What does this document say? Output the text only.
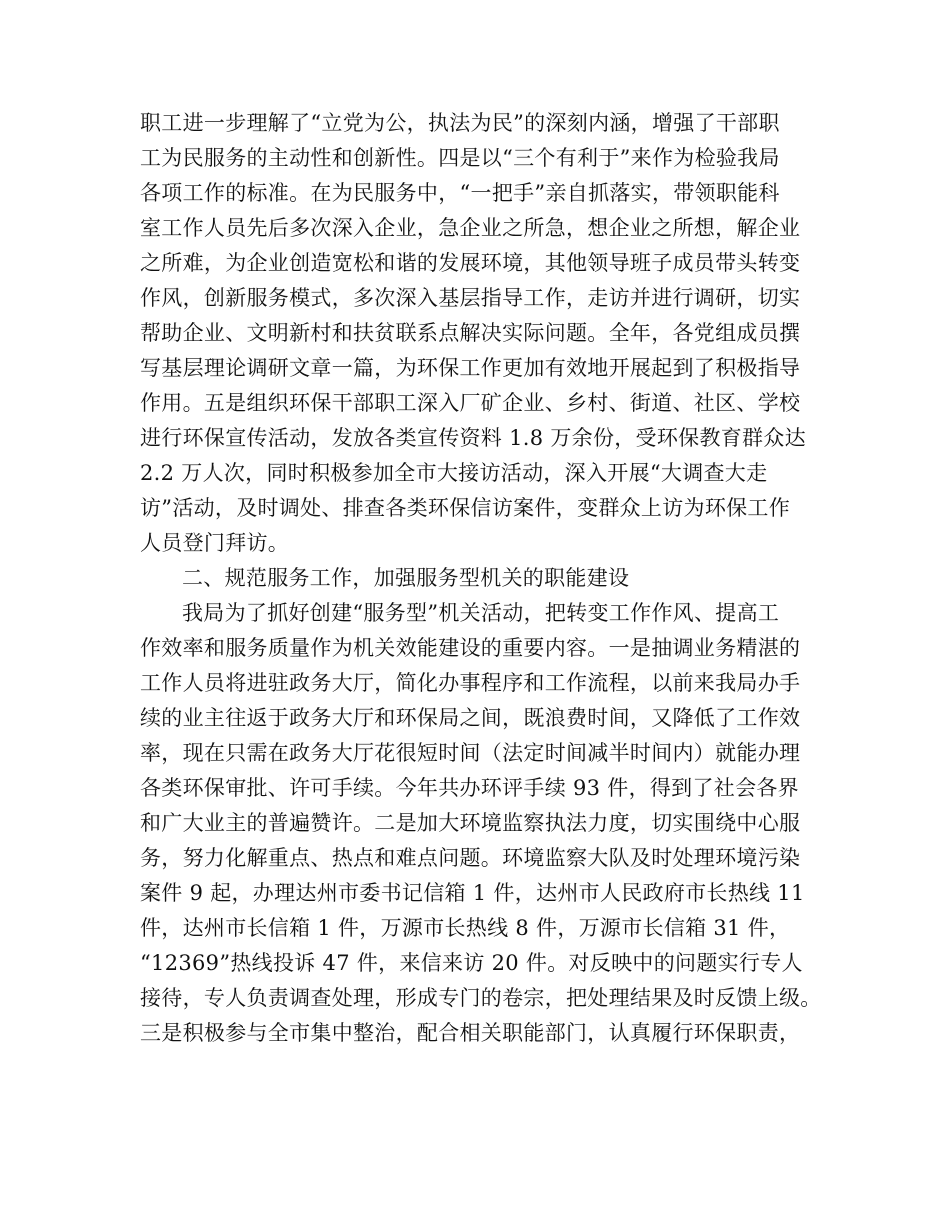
职工进一步理解了“立党为公，执法为民”的深刻内涵，增强了干部职
工为民服务的主动性和创新性。四是以“三个有利于”来作为检验我局
各项工作的标准。在为民服务中，“一把手”亲自抓落实，带领职能科
室工作人员先后多次深入企业，急企业之所急，想企业之所想，解企业
之所难，为企业创造宽松和谐的发展环境，其他领导班子成员带头转变
作风，创新服务模式，多次深入基层指导工作，走访并进行调研，切实
帮助企业、文明新村和扶贫联系点解决实际问题。全年，各党组成员撰
写基层理论调研文章一篇，为环保工作更加有效地开展起到了积极指导
作用。五是组织环保干部职工深入厂矿企业、乡村、街道、社区、学校
进行环保宣传活动，发放各类宣传资料 1.8 万余份，受环保教育群众达
2.2 万人次，同时积极参加全市大接访活动，深入开展“大调查大走
访”活动，及时调处、排查各类环保信访案件，变群众上访为环保工作
人员登门拜访。
二、规范服务工作，加强服务型机关的职能建设
我局为了抓好创建“服务型”机关活动，把转变工作作风、提高工
作效率和服务质量作为机关效能建设的重要内容。一是抽调业务精湛的
工作人员将进驻政务大厅，简化办事程序和工作流程，以前来我局办手
续的业主往返于政务大厅和环保局之间，既浪费时间，又降低了工作效
率，现在只需在政务大厅花很短时间（法定时间减半时间内）就能办理
各类环保审批、许可手续。今年共办环评手续 93 件，得到了社会各界
和广大业主的普遍赞许。二是加大环境监察执法力度，切实围绕中心服
务，努力化解重点、热点和难点问题。环境监察大队及时处理环境污染
案件 9 起，办理达州市委书记信箱 1 件，达州市人民政府市长热线 11
件，达州市长信箱 1 件，万源市长热线 8 件，万源市长信箱 31 件，
“12369”热线投诉 47 件，来信来访 20 件。对反映中的问题实行专人
接待，专人负责调查处理，形成专门的卷宗，把处理结果及时反馈上级。
三是积极参与全市集中整治，配合相关职能部门，认真履行环保职责，
